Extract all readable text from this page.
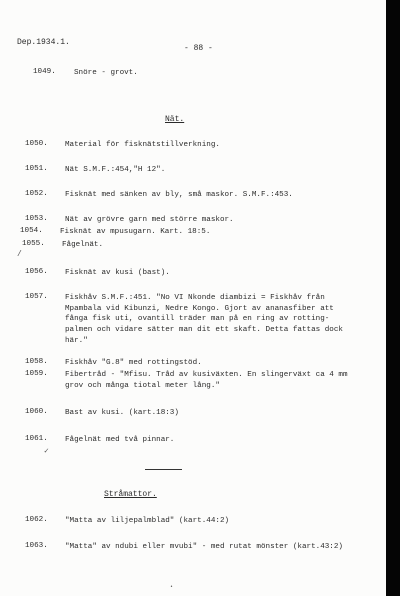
Dep.1934.1.
- 88 -
Nät.
Stråmattor.
1049. Snöre - grovt.
1050. Material för fisknätstillverkning.
1051. Nät S.M.F.:454,"H 12".
1052. Fisknät med sänken av bly, små maskor. S.M.F.:453.
1053. Nät av grövre garn med större maskor.
1054. Fisknät av mpusugarn. Kart. 18:5.
1055. Fågelnät.
/
1056. Fisknät av kusi (bast).
1057. Fiskhåv S.M.F.:451. "No VI Nkonde diambizi = Fiskhåv från
Mpambala vid Kibunzi, Nedre Kongo. Gjort av ananasfiber att
fånga fisk uti, ovantill träder man på en ring av rotting-
palmen och vidare sätter man dit ett skaft. Detta fattas dock
här."
1058. Fiskhåv "G.8" med rottingstöd.
1059. Fibertråd - "Mfisu. Tråd av kusiväxten. En slingerväxt ca 4 mm
grov och många tiotal meter lång."
1060. Bast av kusi. (kart.18:3)
1061. Fågelnät med två pinnar.
✓
1062. "Matta av liljepalmblad" (kart.44:2)
1063. "Matta" av ndubi eller mvubi" - med rutat mönster (kart.43:2)
•
